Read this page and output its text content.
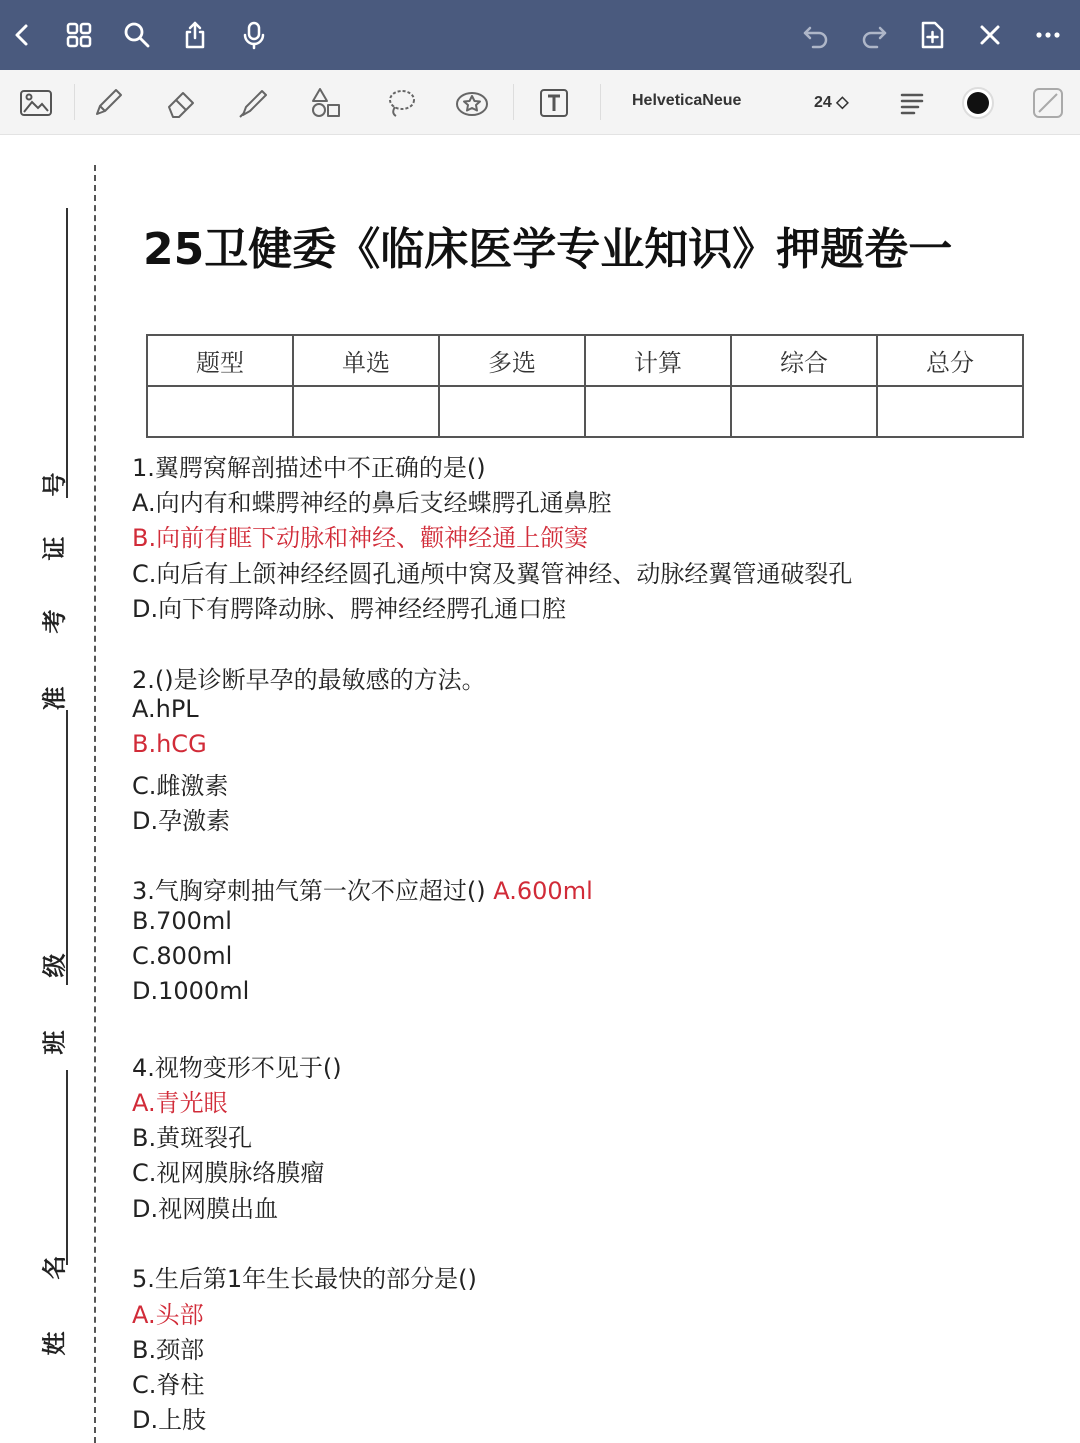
HelveticaNeue	24 ◇
号
证
考
准
级
班
名
姓
25卫健委《临床医学专业知识》押题卷一
题型	单选	多选	计算	综合	总分

1.翼腭窝解剖描述中不正确的是()
A.向内有和蝶腭神经的鼻后支经蝶腭孔通鼻腔
B.向前有眶下动脉和神经、颧神经通上颌窦
C.向后有上颌神经经圆孔通颅中窝及翼管神经、动脉经翼管通破裂孔
D.向下有腭降动脉、腭神经经腭孔通口腔
2.()是诊断早孕的最敏感的方法。
A.hPL
B.hCG
C.雌激素
D.孕激素
3.气胸穿刺抽气第一次不应超过() A.600ml
B.700ml
C.800ml
D.1000ml
4.视物变形不见于()
A.青光眼
B.黄斑裂孔
C.视网膜脉络膜瘤
D.视网膜出血
5.生后第1年生长最快的部分是()
A.头部
B.颈部
C.脊柱
D.上肢
